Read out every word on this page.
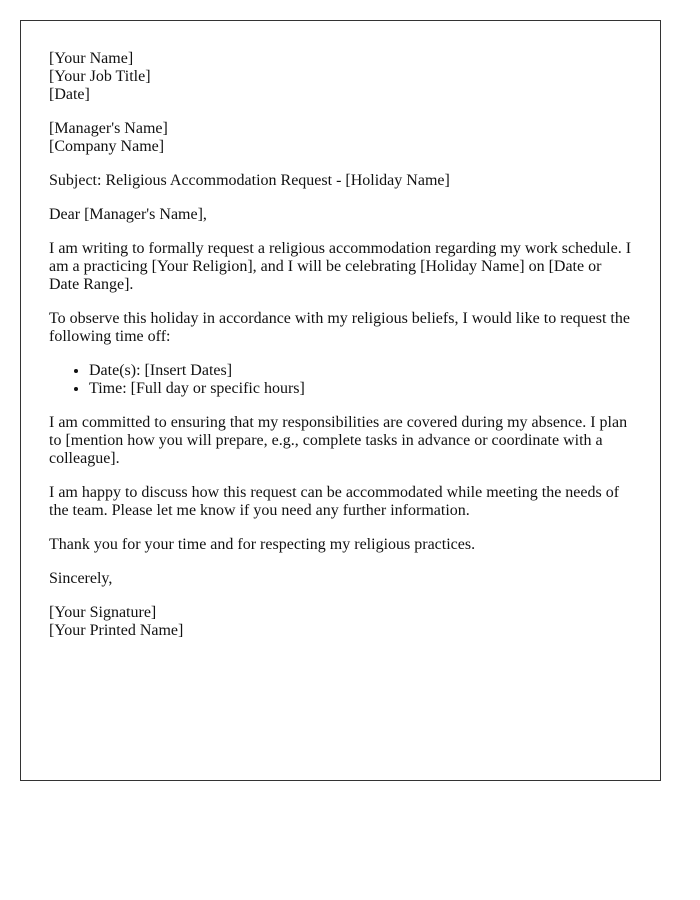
[Your Name]
[Your Job Title]
[Date]

[Manager's Name]
[Company Name]

Subject: Religious Accommodation Request - [Holiday Name]

Dear [Manager's Name],

I am writing to formally request a religious accommodation regarding my work schedule. I am a practicing [Your Religion], and I will be celebrating [Holiday Name] on [Date or Date Range].

To observe this holiday in accordance with my religious beliefs, I would like to request the following time off:

• Date(s): [Insert Dates]
• Time: [Full day or specific hours]

I am committed to ensuring that my responsibilities are covered during my absence. I plan to [mention how you will prepare, e.g., complete tasks in advance or coordinate with a colleague].

I am happy to discuss how this request can be accommodated while meeting the needs of the team. Please let me know if you need any further information.

Thank you for your time and for respecting my religious practices.

Sincerely,

[Your Signature]
[Your Printed Name]
